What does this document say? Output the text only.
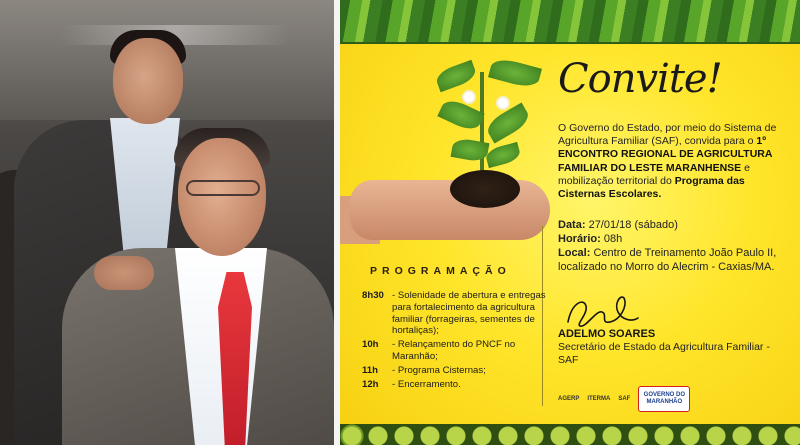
Convite!
O Governo do Estado, por meio do Sistema de Agricultura Familiar (SAF), convida para o 1º ENCONTRO REGIONAL DE AGRICULTURA FAMILIAR DO LESTE MARANHENSE e mobilização territorial do Programa das Cisternas Escolares.
Data: 27/01/18 (sábado)
Horário: 08h
Local: Centro de Treinamento João Paulo II, localizado no Morro do Alecrim - Caxias/MA.
PROGRAMAÇÃO
8h30 - Solenidade de abertura e entregas para fortalecimento da agricultura familiar (forrageiras, sementes de hortaliças);
10h	- Relançamento do PNCF no Maranhão;
11h	- Programa Cisternas;
12h	- Encerramento.
ADELMO SOARES
Secretário de Estado da Agricultura Familiar - SAF
AGERP ITERMA SAF
GOVERNO DO
MARANHÃO
